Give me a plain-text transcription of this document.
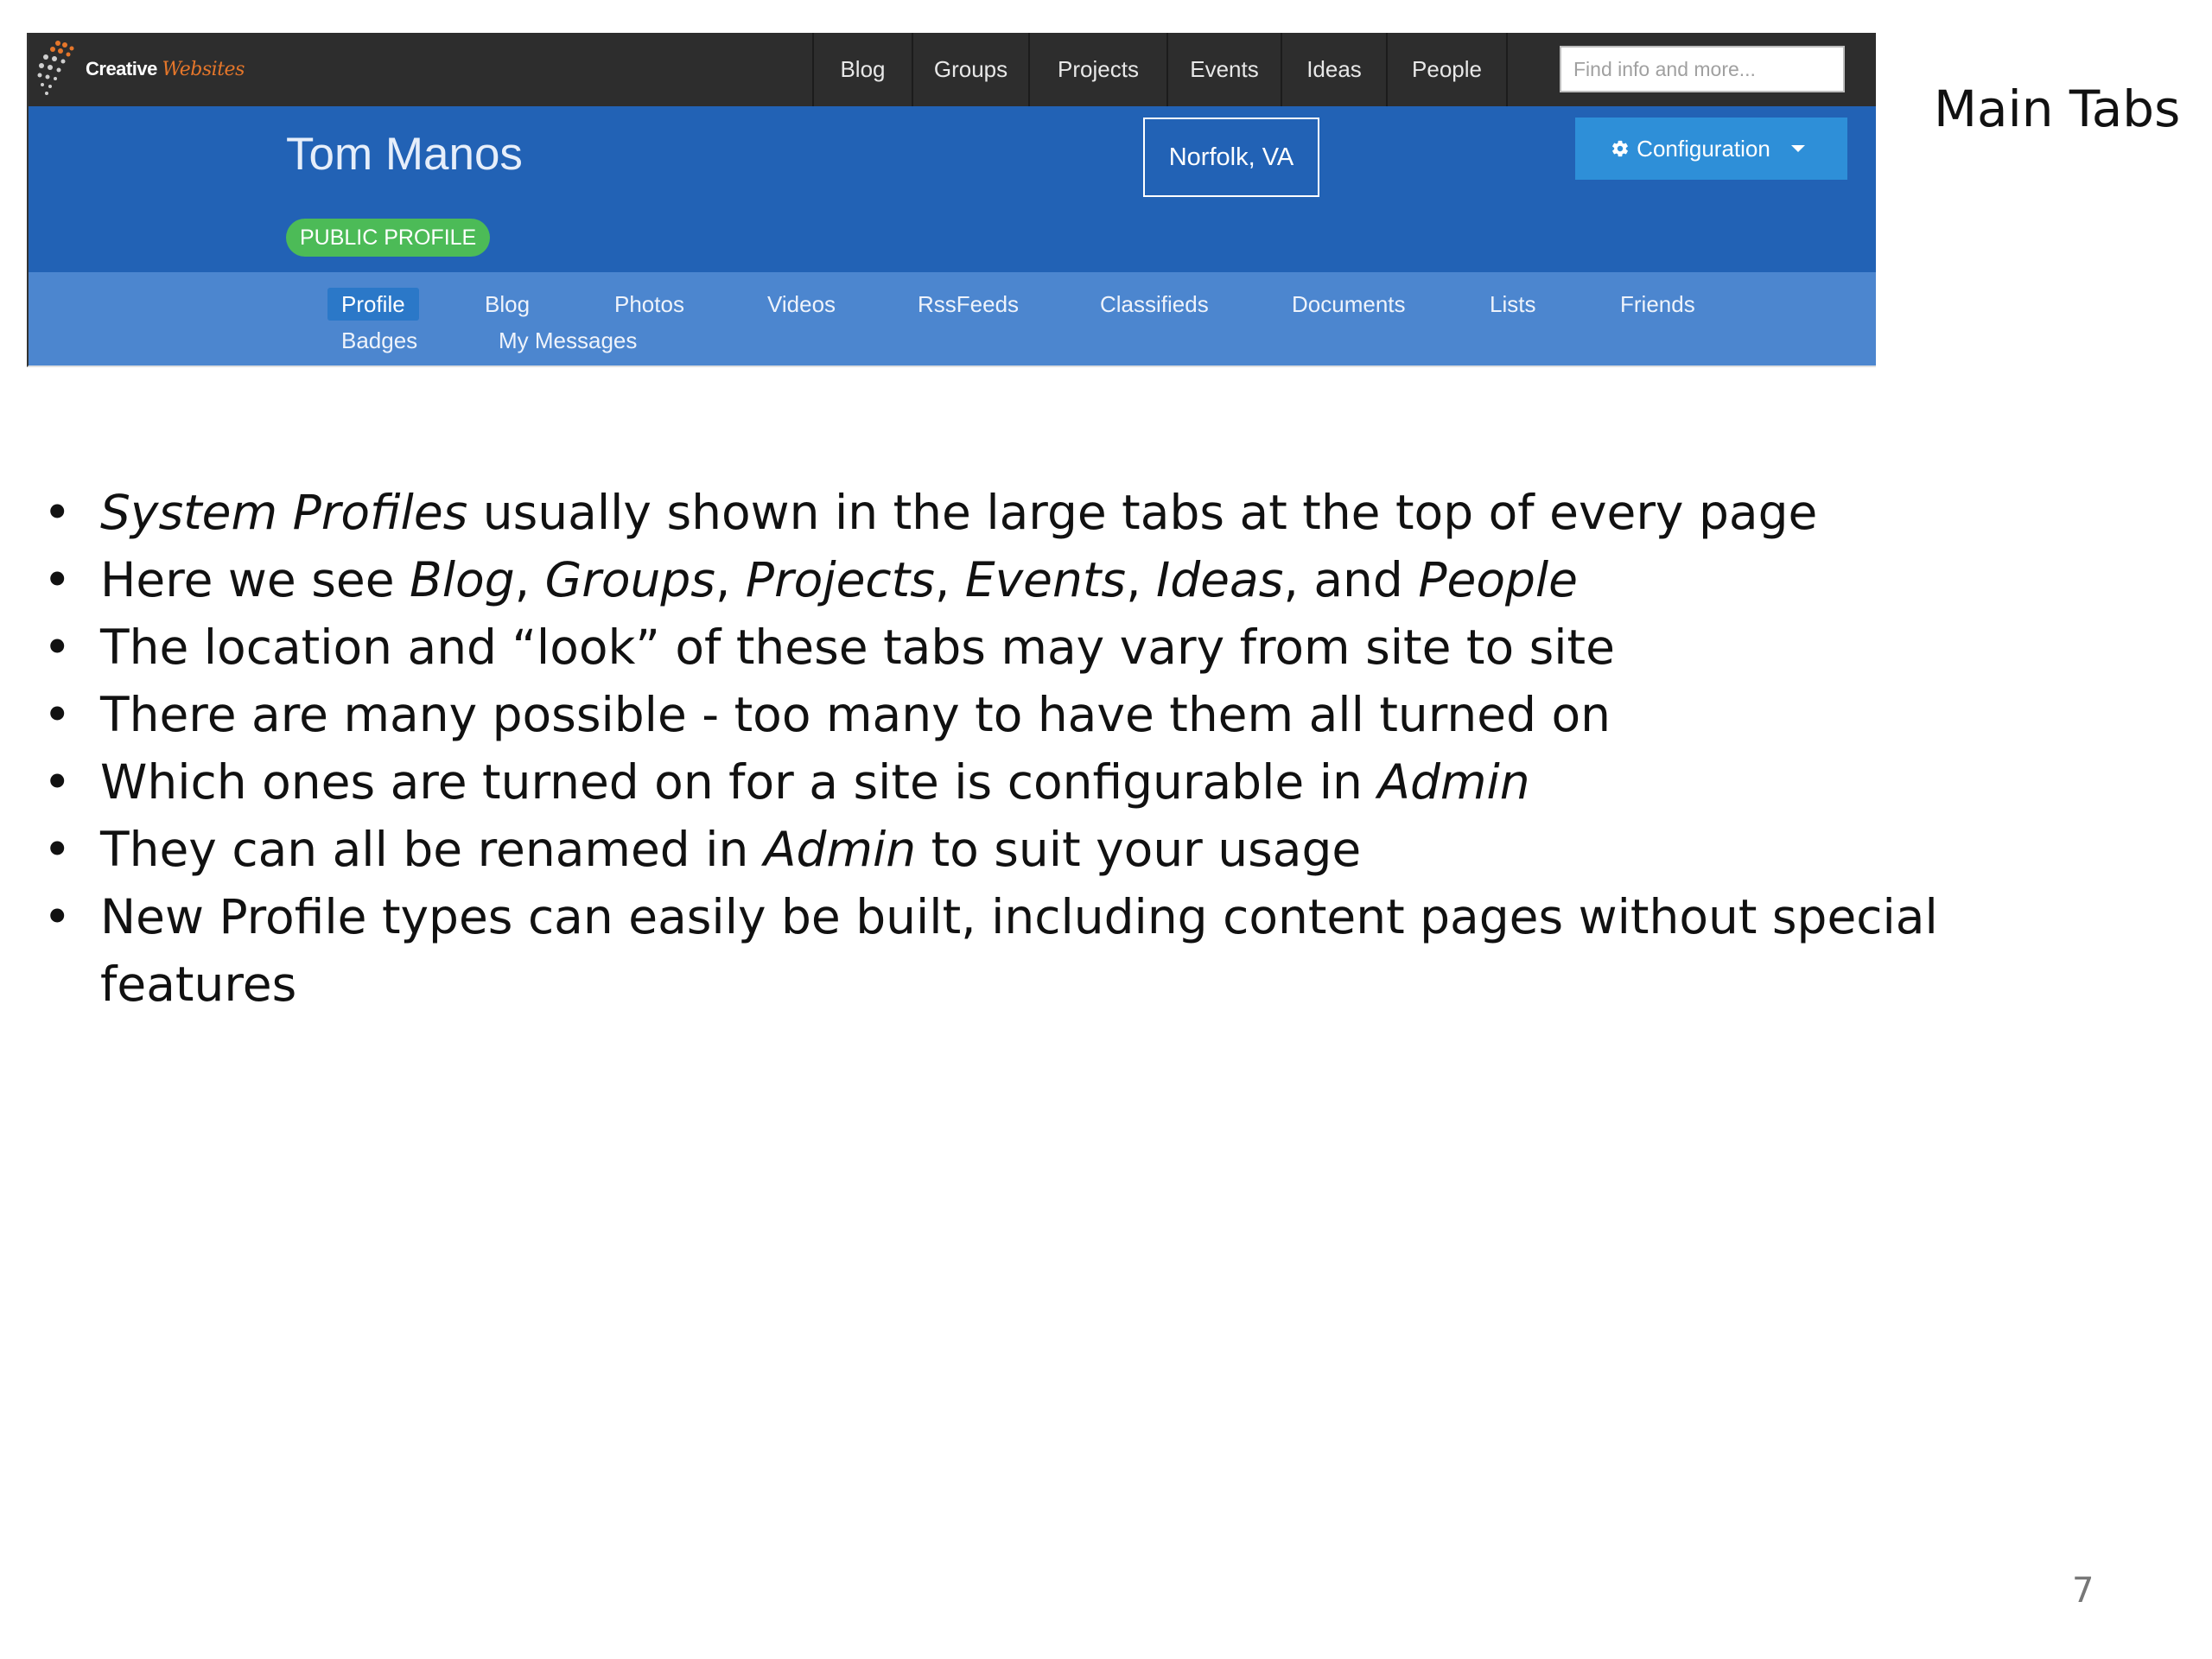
Creative Websites	Blog	Groups	Projects	Events	Ideas	People
Find info and more...
Tom Manos
PUBLIC PROFILE
Norfolk, VA	Configuration
Profile	Blog	Photos	Videos	RssFeeds	Classifieds	Documents	Lists	Friends
Badges	My Messages
Main Tabs
• System Profiles usually shown in the large tabs at the top of every page
• Here we see Blog, Groups, Projects, Events, Ideas, and People
• The location and “look” of these tabs may vary from site to site
• There are many possible - too many to have them all turned on
• Which ones are turned on for a site is configurable in Admin
• They can all be renamed in Admin to suit your usage
• New Profile types can easily be built, including content pages without special features
7
